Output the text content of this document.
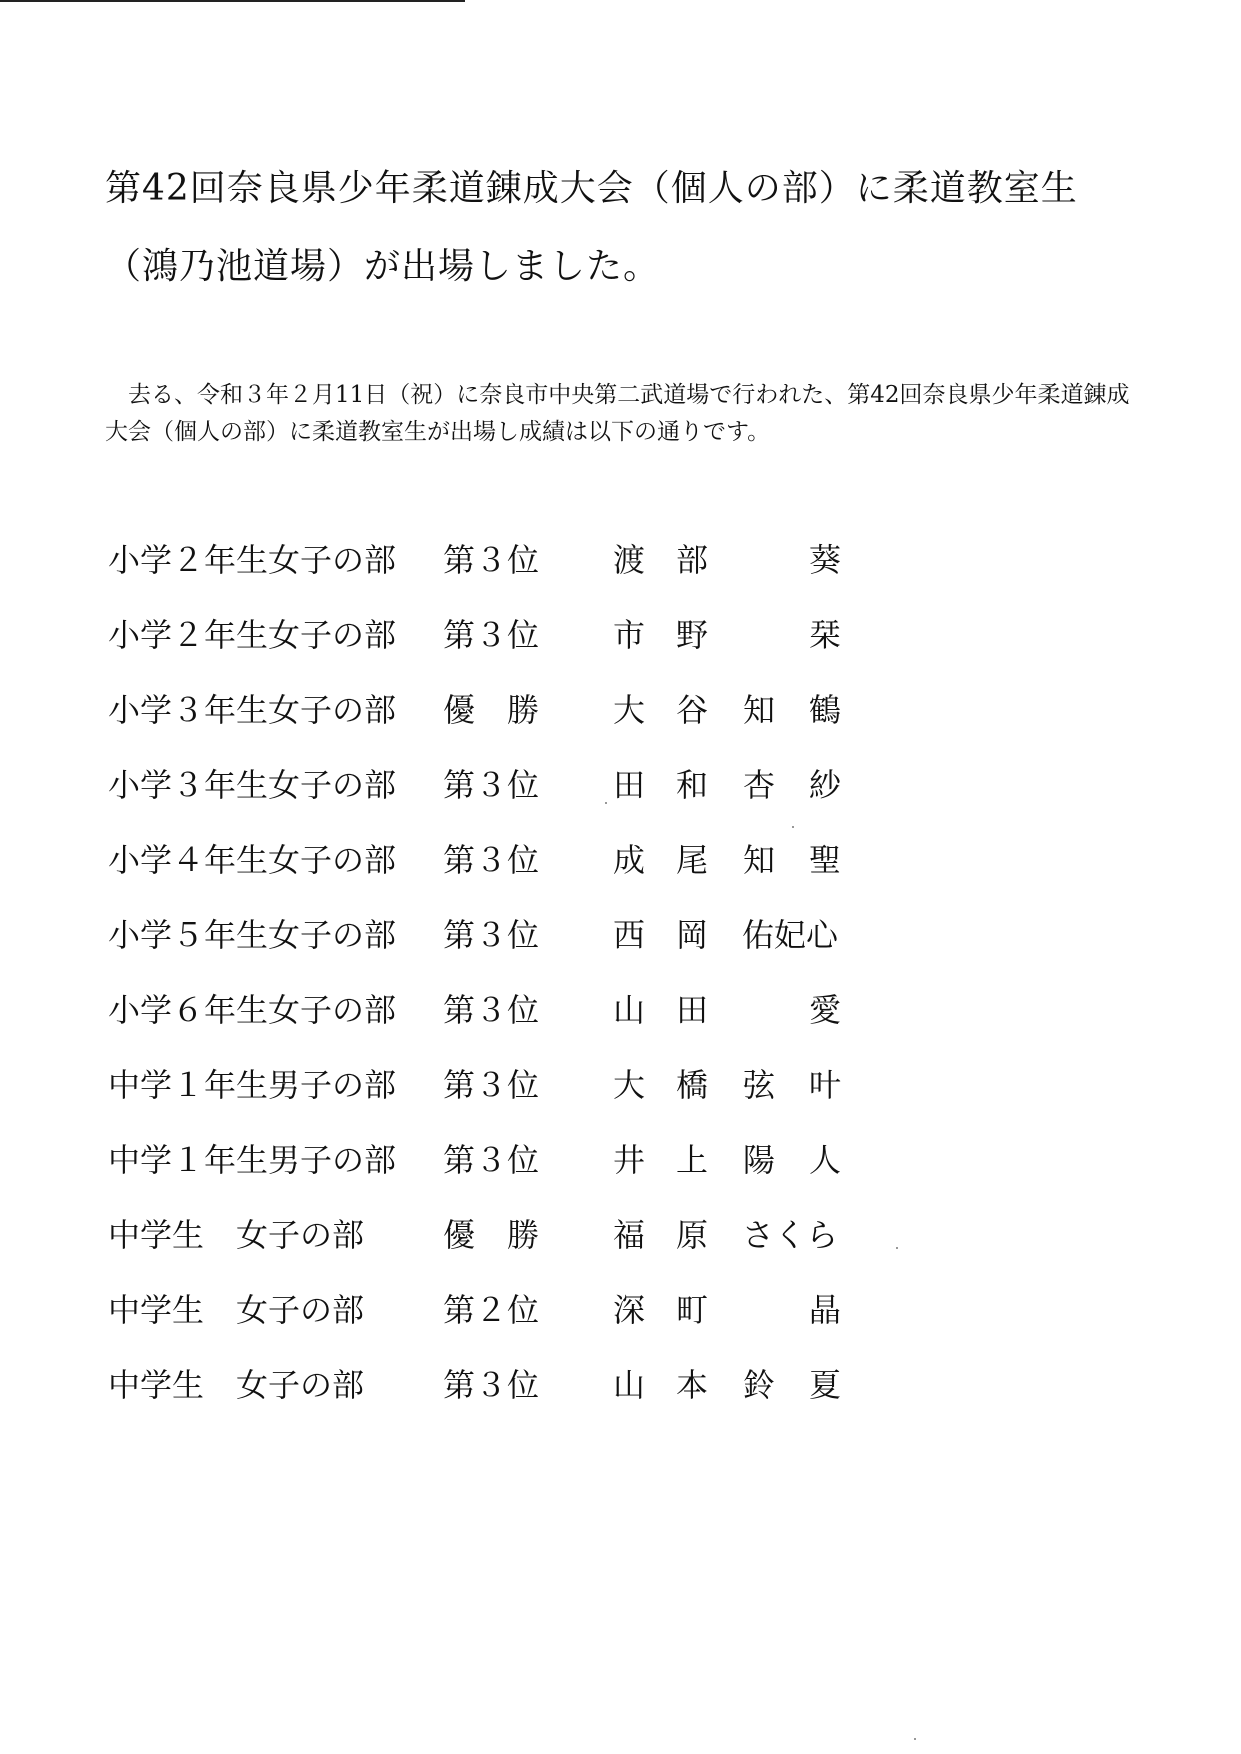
第42回奈良県少年柔道錬成大会（個人の部）に柔道教室生（鴻乃池道場）が出場しました。
去る、令和３年２月11日（祝）に奈良市中央第二武道場で行われた、第42回奈良県少年柔道錬成大会（個人の部）に柔道教室生が出場し成績は以下の通りです。
小学２年生女子の部 第３位 渡 部	葵
小学２年生女子の部 第３位 市 野	栞
小学３年生女子の部 優　勝 大 谷 知 鶴
小学３年生女子の部 第３位 田 和 杏 紗
小学４年生女子の部 第３位 成 尾 知 聖
小学５年生女子の部 第３位 西 岡 佑妃心
小学６年生女子の部 第３位 山 田	愛
中学１年生男子の部 第３位 大 橋 弦 叶
中学１年生男子の部 第３位 井 上 陽 人
中学生　女子の部 優　勝 福 原 さくら
中学生　女子の部 第２位 深 町	晶
中学生　女子の部 第３位 山 本 鈴 夏
